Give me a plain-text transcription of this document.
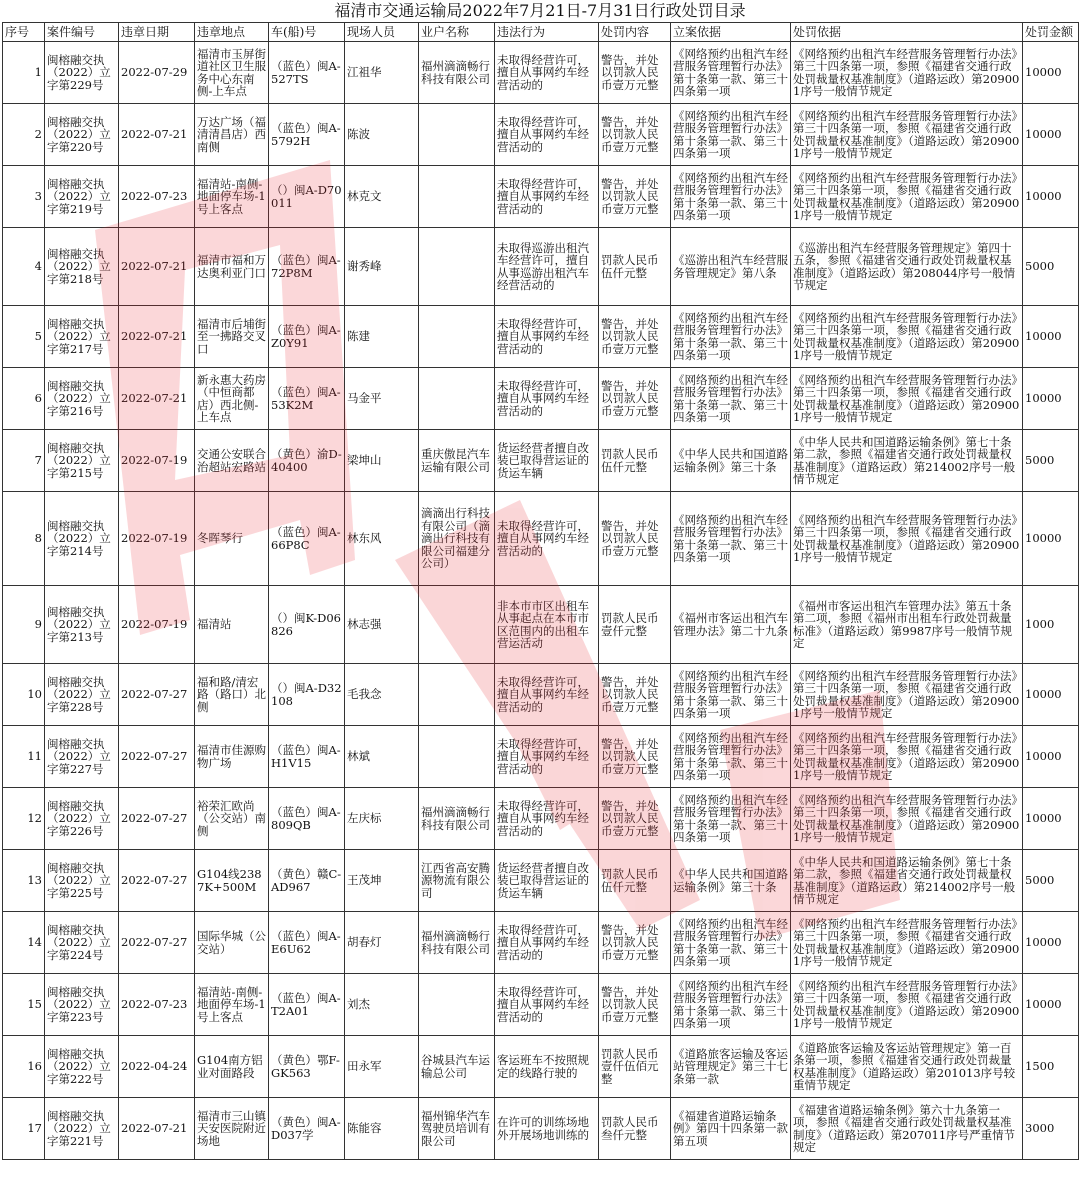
福清市交通运输局2022年7月21日-7月31日行政处罚目录
序号	案件编号	违章日期	违章地点	车(船)号	现场人员	业户名称	违法行为	处罚内容	立案依据	处罚依据	处罚金额
1	闽榕融交执（2022）立字第229号	2022-07-29	福清市玉屏街道社区卫生服务中心东南侧-上车点	（蓝色）闽A-527TS	江祖华	福州滴滴畅行科技有限公司	未取得经营许可，擅自从事网约车经营活动的	警告，并处以罚款人民币壹万元整	《网络预约出租汽车经营服务管理暂行办法》第十条第一款、第三十四条第一项	《网络预约出租汽车经营服务管理暂行办法》第三十四条第一项，参照《福建省交通行政处罚裁量权基准制度》（道路运政）第209001序号一般情节规定	10000
2	闽榕融交执（2022）立字第220号	2022-07-21	万达广场（福清清昌店）西南侧	（蓝色）闽A-5792H	陈波		未取得经营许可，擅自从事网约车经营活动的	警告，并处以罚款人民币壹万元整	《网络预约出租汽车经营服务管理暂行办法》第十条第一款、第三十四条第一项	《网络预约出租汽车经营服务管理暂行办法》第三十四条第一项，参照《福建省交通行政处罚裁量权基准制度》（道路运政）第209001序号一般情节规定	10000
3	闽榕融交执（2022）立字第219号	2022-07-23	福清站-南侧-地面停车场-1号上客点	（）闽A-D70011	林克文		未取得经营许可，擅自从事网约车经营活动的	警告，并处以罚款人民币壹万元整	《网络预约出租汽车经营服务管理暂行办法》第十条第一款、第三十四条第一项	《网络预约出租汽车经营服务管理暂行办法》第三十四条第一项，参照《福建省交通行政处罚裁量权基准制度》（道路运政）第209001序号一般情节规定	10000
4	闽榕融交执（2022）立字第218号	2022-07-21	福清市福和万达奥利亚门口	（蓝色）闽A-72P8M	谢秀峰		未取得巡游出租汽车经营许可，擅自从事巡游出租汽车经营活动的	罚款人民币伍仟元整	《巡游出租汽车经营服务管理规定》第八条	《巡游出租汽车经营服务管理规定》第四十五条，参照《福建省交通行政处罚裁量权基准制度》（道路运政）第208044序号一般情节规定	5000
5	闽榕融交执（2022）立字第217号	2022-07-21	福清市后埔街至一拂路交叉口	（蓝色）闽A-Z0Y91	陈建		未取得经营许可，擅自从事网约车经营活动的	警告，并处以罚款人民币壹万元整	《网络预约出租汽车经营服务管理暂行办法》第十条第一款、第三十四条第一项	《网络预约出租汽车经营服务管理暂行办法》第三十四条第一项，参照《福建省交通行政处罚裁量权基准制度》（道路运政）第209001序号一般情节规定	10000
6	闽榕融交执（2022）立字第216号	2022-07-21	新永惠大药房（中恒商都店）西北侧-上车点	（蓝色）闽A-53K2M	马金平		未取得经营许可，擅自从事网约车经营活动的	警告，并处以罚款人民币壹万元整	《网络预约出租汽车经营服务管理暂行办法》第十条第一款、第三十四条第一项	《网络预约出租汽车经营服务管理暂行办法》第三十四条第一项，参照《福建省交通行政处罚裁量权基准制度》（道路运政）第209001序号一般情节规定	10000
7	闽榕融交执（2022）立字第215号	2022-07-19	交通公安联合治超站宏路站	（黄色）渝D-40400	梁坤山	重庆傲昆汽车运输有限公司	货运经营者擅自改装已取得营运证的货运车辆	罚款人民币伍仟元整	《中华人民共和国道路运输条例》第三十条	《中华人民共和国道路运输条例》第七十条第二款，参照《福建省交通行政处罚裁量权基准制度》（道路运政）第214002序号一般情节规定	5000
8	闽榕融交执（2022）立字第214号	2022-07-19	冬晖琴行	（蓝色）闽A-66P8C	林东风	滴滴出行科技有限公司（滴滴出行科技有限公司福建分公司）	未取得经营许可，擅自从事网约车经营活动的	警告，并处以罚款人民币壹万元整	《网络预约出租汽车经营服务管理暂行办法》第十条第一款、第三十四条第一项	《网络预约出租汽车经营服务管理暂行办法》第三十四条第一项，参照《福建省交通行政处罚裁量权基准制度》（道路运政）第209001序号一般情节规定	10000
9	闽榕融交执（2022）立字第213号	2022-07-19	福清站	（）闽K-D06826	林志强		非本市市区出租车从事起点在本市市区范围内的出租车营运活动	罚款人民币壹仟元整	《福州市客运出租汽车管理办法》第二十九条	《福州市客运出租汽车管理办法》第五十条第二项，参照《福州市出租车行政处罚裁量标准》（道路运政）第9987序号一般情节规定	1000
10	闽榕融交执（2022）立字第228号	2022-07-27	福和路/清宏路（路口）北侧	（）闽A-D32108	毛我念		未取得经营许可，擅自从事网约车经营活动的	警告，并处以罚款人民币壹万元整	《网络预约出租汽车经营服务管理暂行办法》第十条第一款、第三十四条第一项	《网络预约出租汽车经营服务管理暂行办法》第三十四条第一项，参照《福建省交通行政处罚裁量权基准制度》（道路运政）第209001序号一般情节规定	10000
11	闽榕融交执（2022）立字第227号	2022-07-27	福清市佳源购物广场	（蓝色）闽A-H1V15	林斌		未取得经营许可，擅自从事网约车经营活动的	警告，并处以罚款人民币壹万元整	《网络预约出租汽车经营服务管理暂行办法》第十条第一款、第三十四条第一项	《网络预约出租汽车经营服务管理暂行办法》第三十四条第一项，参照《福建省交通行政处罚裁量权基准制度》（道路运政）第209001序号一般情节规定	10000
12	闽榕融交执（2022）立字第226号	2022-07-27	裕荣汇欧尚（公交站）南侧	（蓝色）闽A-809QB	左庆标	福州滴滴畅行科技有限公司	未取得经营许可，擅自从事网约车经营活动的	警告，并处以罚款人民币壹万元整	《网络预约出租汽车经营服务管理暂行办法》第十条第一款、第三十四条第一项	《网络预约出租汽车经营服务管理暂行办法》第三十四条第一项，参照《福建省交通行政处罚裁量权基准制度》（道路运政）第209001序号一般情节规定	10000
13	闽榕融交执（2022）立字第225号	2022-07-27	G104线2387K+500M	（黄色）赣C-AD967	王茂坤	江西省高安腾源物流有限公司	货运经营者擅自改装已取得营运证的货运车辆	罚款人民币伍仟元整	《中华人民共和国道路运输条例》第三十条	《中华人民共和国道路运输条例》第七十条第二款，参照《福建省交通行政处罚裁量权基准制度》（道路运政）第214002序号一般情节规定	5000
14	闽榕融交执（2022）立字第224号	2022-07-27	国际华城（公交站）	（蓝色）闽A-E6U62	胡春灯	福州滴滴畅行科技有限公司	未取得经营许可，擅自从事网约车经营活动的	警告，并处以罚款人民币壹万元整	《网络预约出租汽车经营服务管理暂行办法》第十条第一款、第三十四条第一项	《网络预约出租汽车经营服务管理暂行办法》第三十四条第一项，参照《福建省交通行政处罚裁量权基准制度》（道路运政）第209001序号一般情节规定	10000
15	闽榕融交执（2022）立字第223号	2022-07-23	福清站-南侧-地面停车场-1号上客点	（蓝色）闽A-T2A01	刘杰		未取得经营许可，擅自从事网约车经营活动的	警告，并处以罚款人民币壹万元整	《网络预约出租汽车经营服务管理暂行办法》第十条第一款、第三十四条第一项	《网络预约出租汽车经营服务管理暂行办法》第三十四条第一项，参照《福建省交通行政处罚裁量权基准制度》（道路运政）第209001序号一般情节规定	10000
16	闽榕融交执（2022）立字第222号	2022-04-24	G104南方铝业对面路段	（黄色）鄂F-GK563	田永军	谷城县汽车运输总公司	客运班车不按照规定的线路行驶的	罚款人民币壹仟伍佰元整	《道路旅客运输及客运站管理规定》第三十七条第一款	《道路旅客运输及客运站管理规定》第一百条第一项，参照《福建省交通行政处罚裁量权基准制度》（道路运政）第201013序号较重情节规定	1500
17	闽榕融交执（2022）立字第221号	2022-07-21	福清市三山镇天安医院附近场地	（黄色）闽A-D037学	陈能容	福州锦华汽车驾驶员培训有限公司	在许可的训练场地外开展场地训练的	罚款人民币叁仟元整	《福建省道路运输条例》第四十四条第一款第五项	《福建省道路运输条例》第六十九条第一项，参照《福建省交通行政处罚裁量权基准制度》（道路运政）第207011序号严重情节规定	3000
